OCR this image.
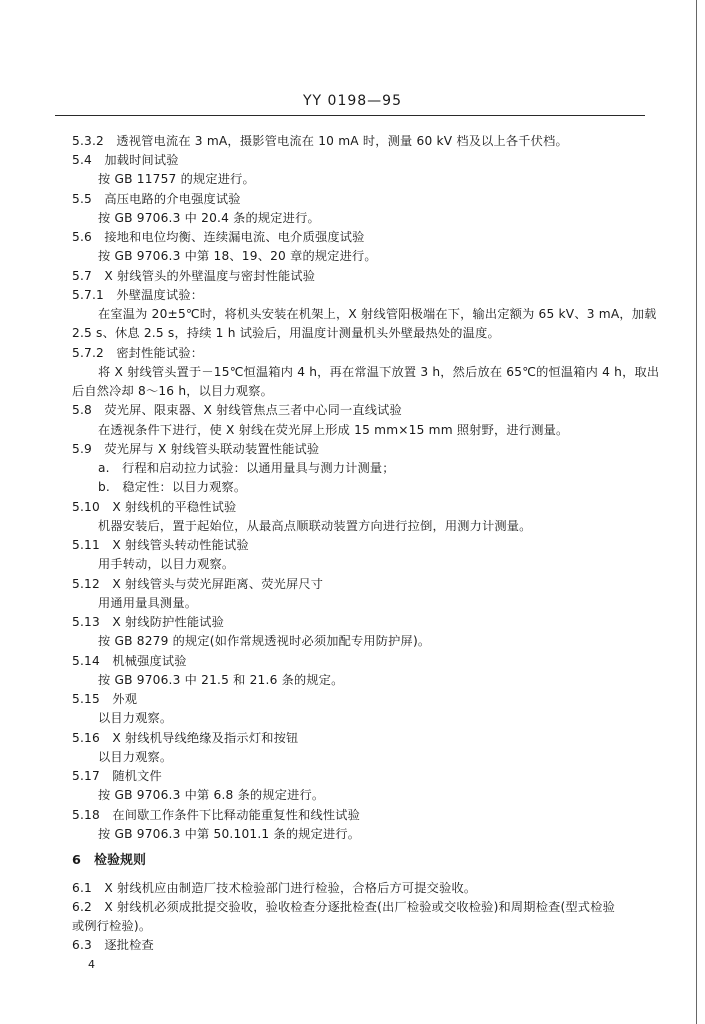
YY 0198—95
5.3.2　透视管电流在 3 mA，摄影管电流在 10 mA 时，测量 60 kV 档及以上各千伏档。
5.4　加载时间试验
按 GB 11757 的规定进行。
5.5　高压电路的介电强度试验
按 GB 9706.3 中 20.4 条的规定进行。
5.6　接地和电位均衡、连续漏电流、电介质强度试验
按 GB 9706.3 中第 18、19、20 章的规定进行。
5.7　X 射线管头的外壁温度与密封性能试验
5.7.1　外壁温度试验：
在室温为 20±5℃时，将机头安装在机架上，X 射线管阳极端在下，输出定额为 65 kV、3 mA，加载
2.5 s、休息 2.5 s，持续 1 h 试验后，用温度计测量机头外壁最热处的温度。
5.7.2　密封性能试验：
将 X 射线管头置于－15℃恒温箱内 4 h，再在常温下放置 3 h，然后放在 65℃的恒温箱内 4 h，取出
后自然冷却 8～16 h，以目力观察。
5.8　荧光屏、限束器、X 射线管焦点三者中心同一直线试验
在透视条件下进行，使 X 射线在荧光屏上形成 15 mm×15 mm 照射野，进行测量。
5.9　荧光屏与 X 射线管头联动装置性能试验
a.　行程和启动拉力试验：以通用量具与测力计测量；
b.　稳定性：以目力观察。
5.10　X 射线机的平稳性试验
机器安装后，置于起始位，从最高点顺联动装置方向进行拉倒，用测力计测量。
5.11　X 射线管头转动性能试验
用手转动，以目力观察。
5.12　X 射线管头与荧光屏距离、荧光屏尺寸
用通用量具测量。
5.13　X 射线防护性能试验
按 GB 8279 的规定(如作常规透视时必须加配专用防护屏)。
5.14　机械强度试验
按 GB 9706.3 中 21.5 和 21.6 条的规定。
5.15　外观
以目力观察。
5.16　X 射线机导线绝缘及指示灯和按钮
以目力观察。
5.17　随机文件
按 GB 9706.3 中第 6.8 条的规定进行。
5.18　在间歇工作条件下比释动能重复性和线性试验
按 GB 9706.3 中第 50.101.1 条的规定进行。
6　检验规则
6.1　X 射线机应由制造厂技术检验部门进行检验，合格后方可提交验收。
6.2　X 射线机必须成批提交验收，验收检查分逐批检查(出厂检验或交收检验)和周期检查(型式检验
或例行检验)。
6.3　逐批检查
4
